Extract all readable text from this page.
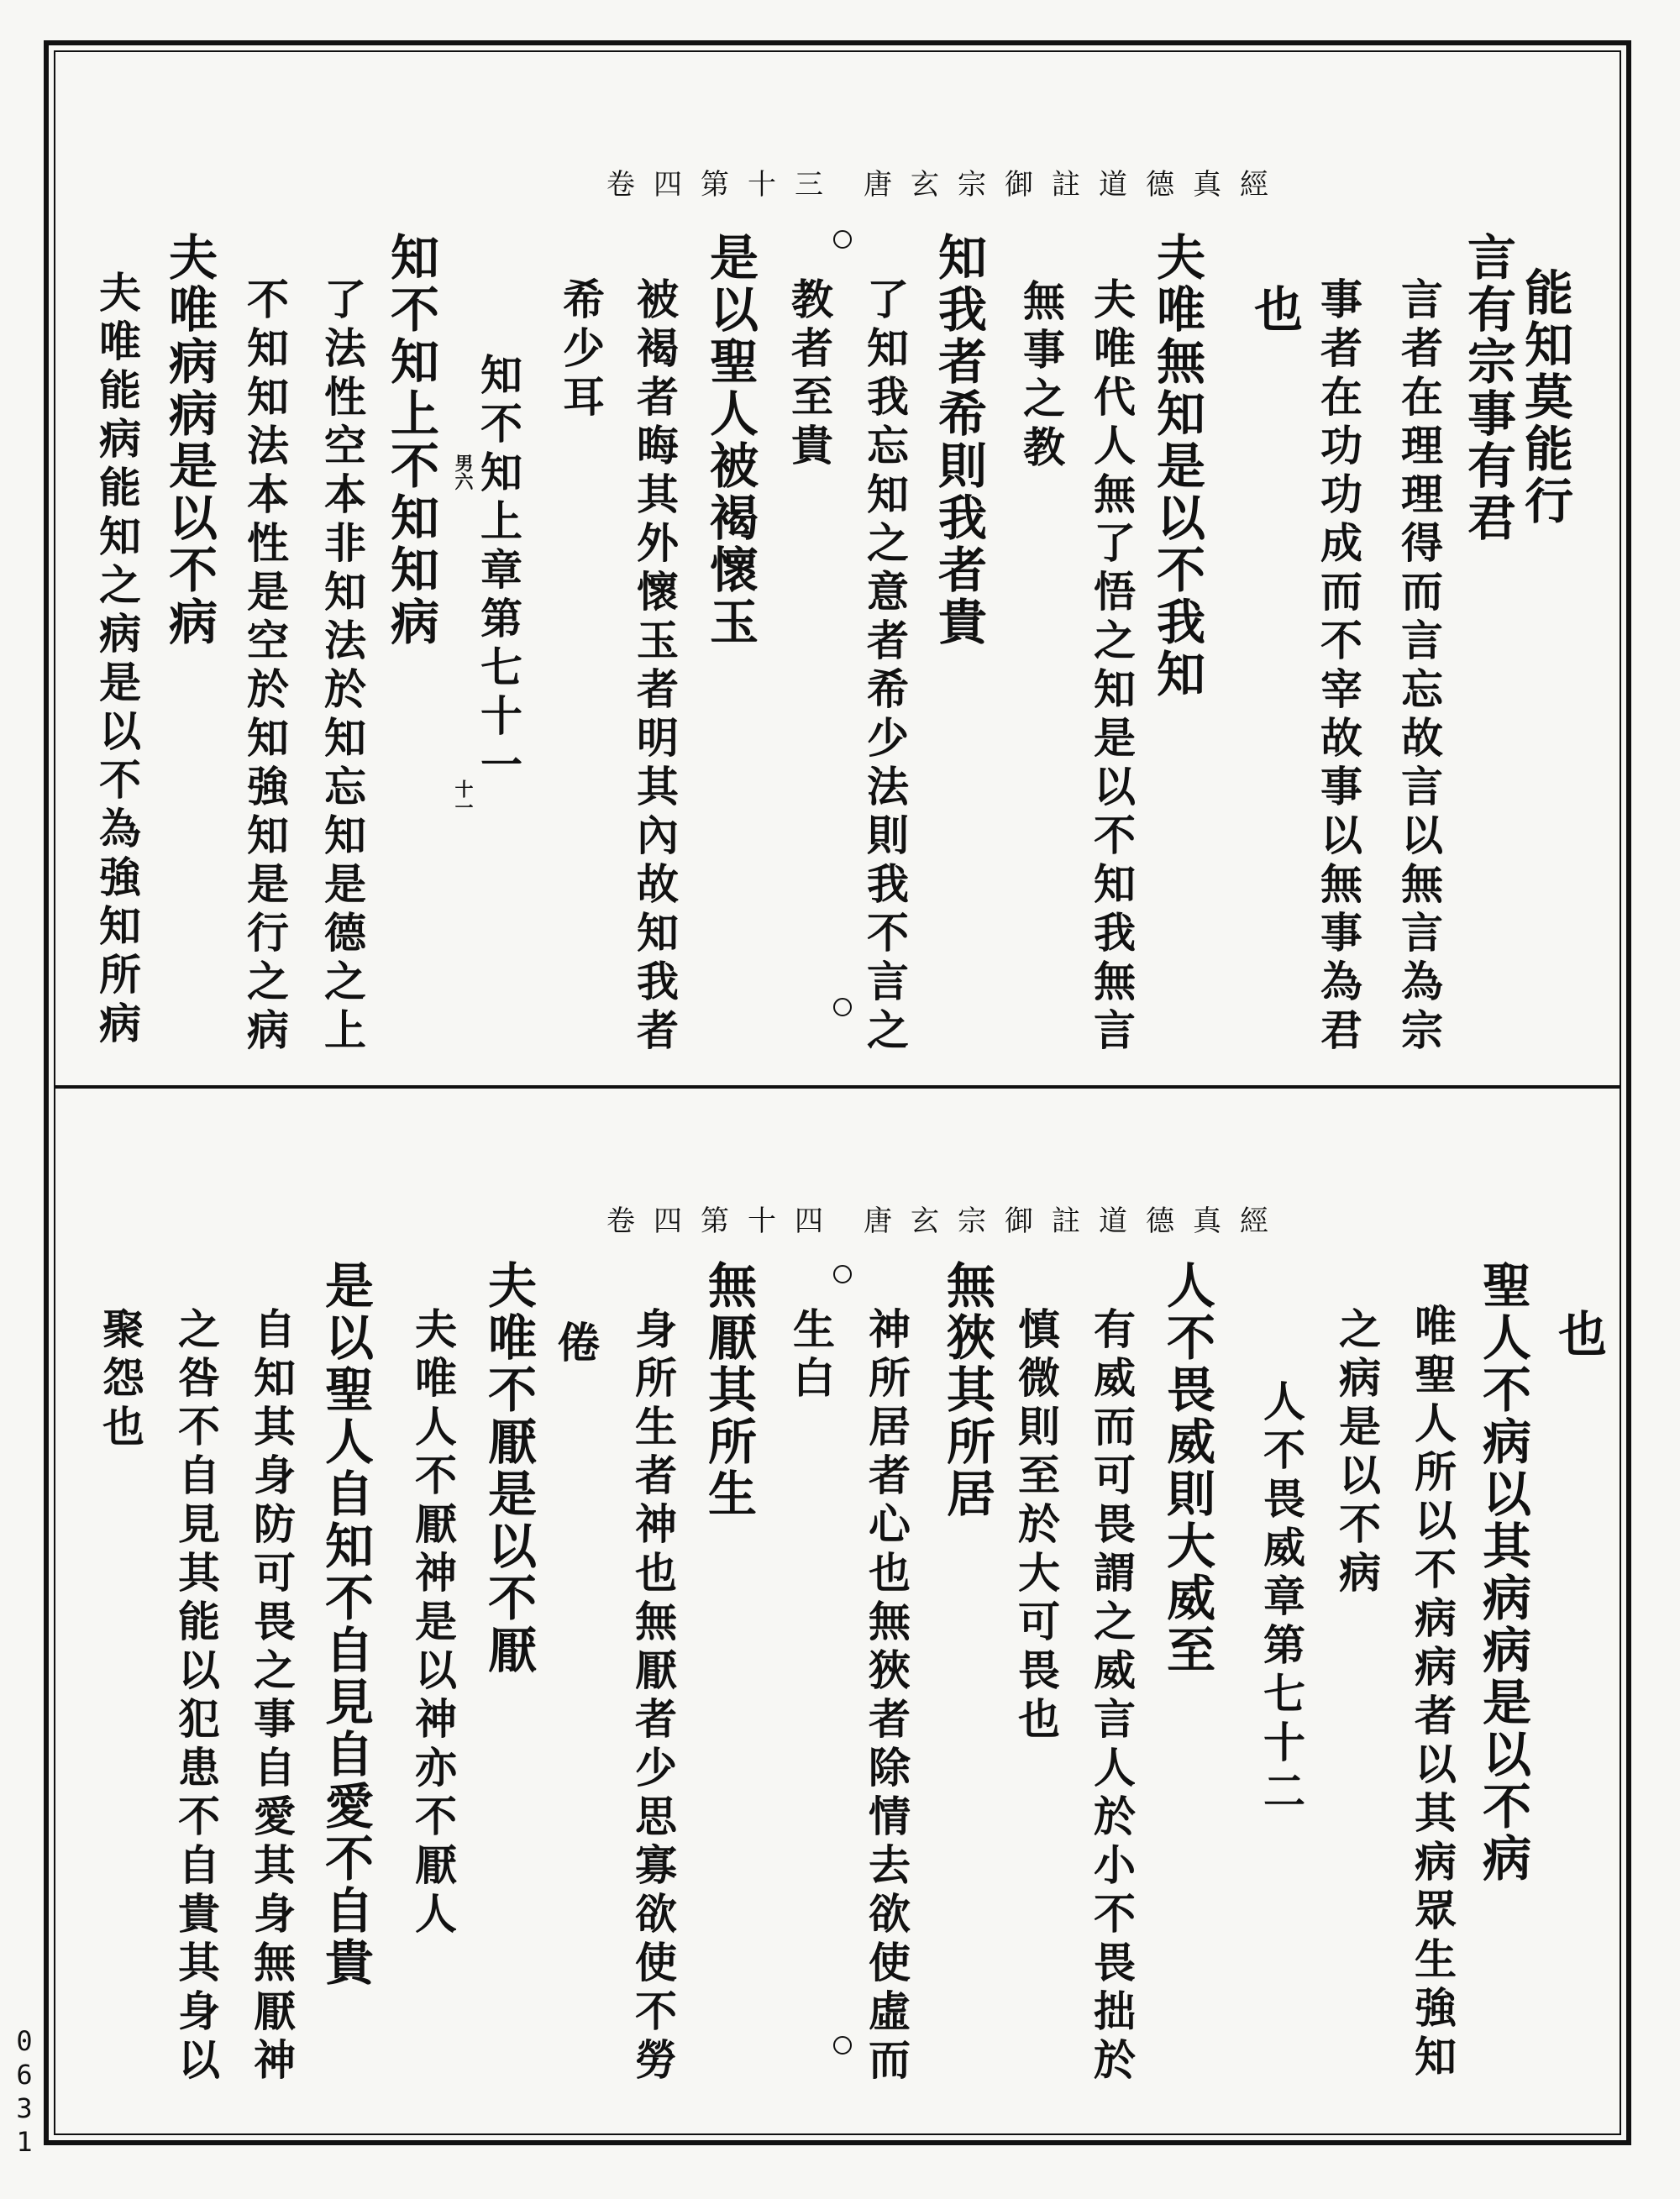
卷四第十三 唐玄宗御註道德真經
能知莫能行
言有宗事有君
言者在理理得而言忘故言以無言為宗
事者在功功成而不宰故事以無事為君
也
夫唯無知是以不我知
夫唯代人無了悟之知是以不知我無言
無事之教
知我者希則我者貴
了知我忘知之意者希少法則我不言之
教者至貴
是以聖人被褐懷玉
被褐者晦其外懷玉者明其內故知我者
希少耳
知不知上章第七十一
知不知上不知知病
了法性空本非知法於知忘知是德之上
不知知法本性是空於知強知是行之病
夫唯病病是以不病
夫唯能病能知之病是以不為強知所病	男六
十一
卷四第十四 唐玄宗御註道德真經
也
聖人不病以其病病是以不病
唯聖人所以不病病者以其病眾生強知
之病是以不病
人不畏威章第七十二
人不畏威則大威至
有威而可畏謂之威言人於小不畏拙於
慎微則至於大可畏也
無狹其所居
神所居者心也無狹者除情去欲使虛而
生白
無厭其所生
身所生者神也無厭者少思寡欲使不勞
倦
夫唯不厭是以不厭
夫唯人不厭神是以神亦不厭人
是以聖人自知不自見自愛不自貴
自知其身防可畏之事自愛其身無厭神
之咎不自見其能以犯患不自貴其身以
聚怨也
0
6
3
1
